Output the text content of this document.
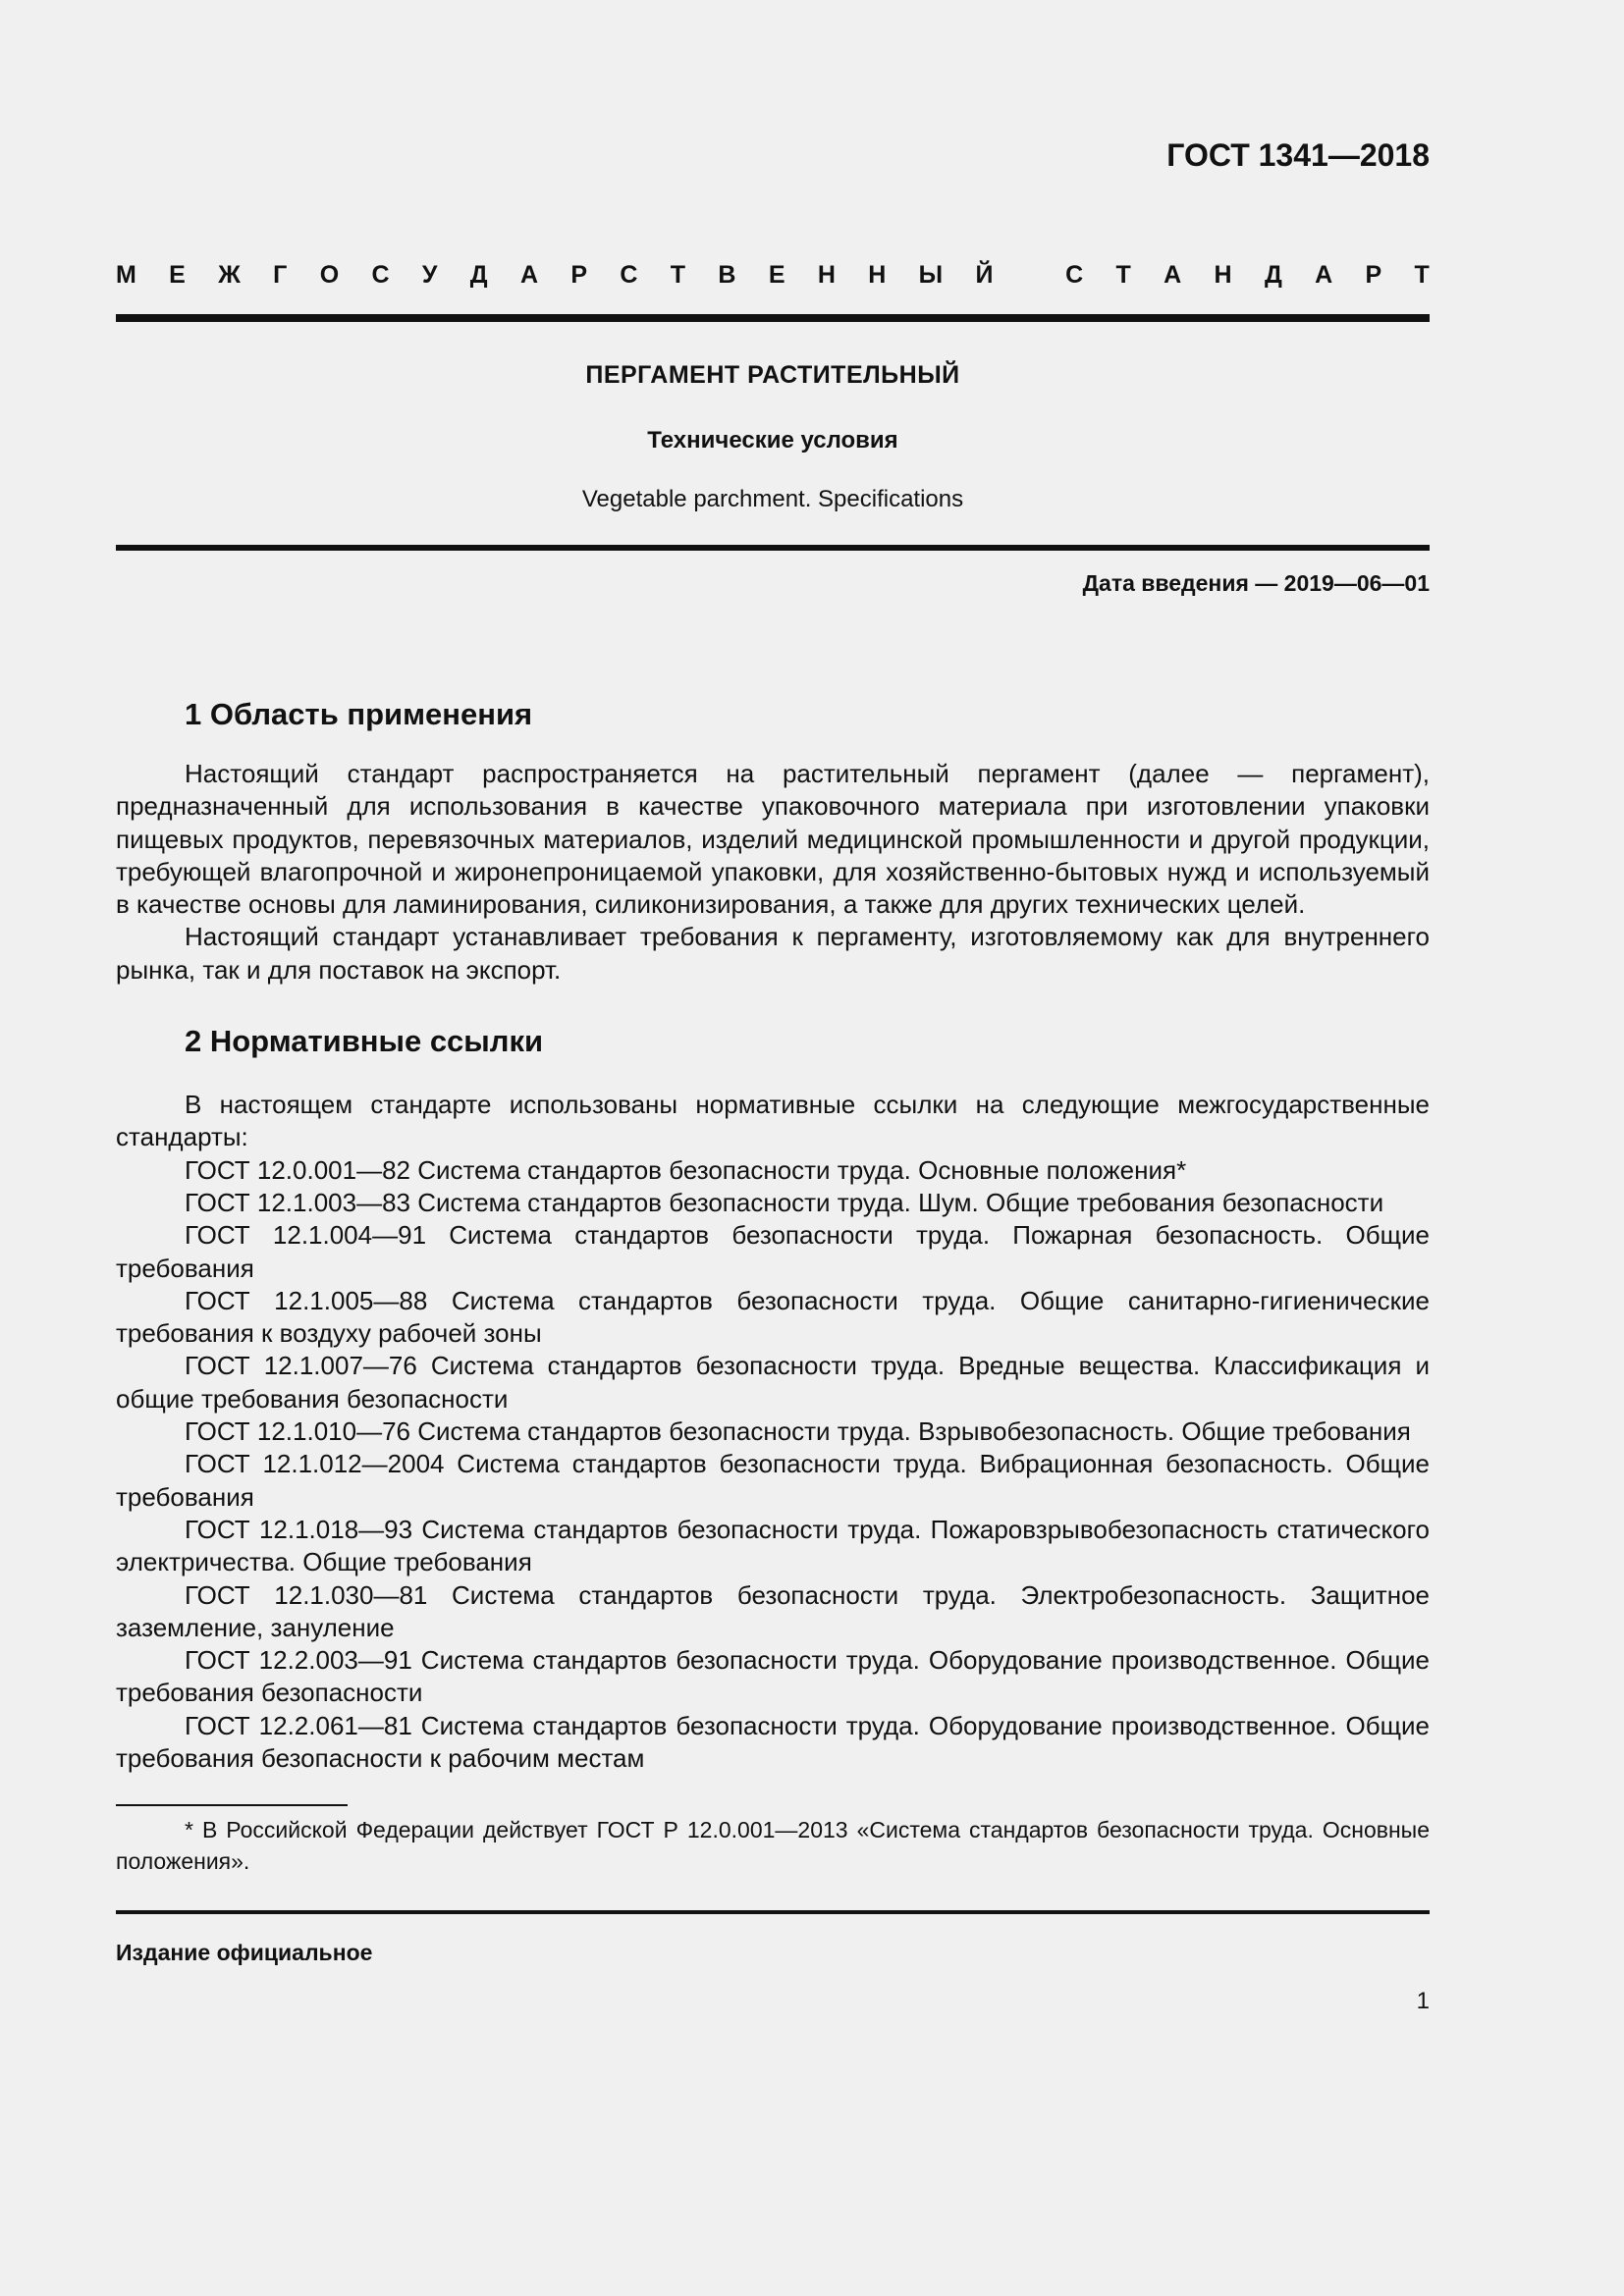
ГОСТ 1341—2018
М Е Ж Г О С У Д А Р С Т В Е Н Н Ы Й
	С Т А Н Д А Р Т
ПЕРГАМЕНТ РАСТИТЕЛЬНЫЙ
Технические условия
Vegetable parchment. Specifications
Дата введения — 2019—06—01
1 Область применения

Настоящий стандарт распространяется на растительный пергамент (далее — пергамент), предназначенный для использования в качестве упаковочного материала при изготовлении упаковки пищевых продуктов, перевязочных материалов, изделий медицинской промышленности и другой продукции, требующей влагопрочной и жиронепроницаемой упаковки, для хозяйственно-бытовых нужд и используемый в качестве основы для ламинирования, силиконизирования, а также для других технических целей.

Настоящий стандарт устанавливает требования к пергаменту, изготовляемому как для внутреннего рынка, так и для поставок на экспорт.

2 Нормативные ссылки

В настоящем стандарте использованы нормативные ссылки на следующие межгосударственные стандарты:

ГОСТ 12.0.001—82 Система стандартов безопасности труда. Основные положения*

ГОСТ 12.1.003—83 Система стандартов безопасности труда. Шум. Общие требования безопасности

ГОСТ 12.1.004—91 Система стандартов безопасности труда. Пожарная безопасность. Общие требования

ГОСТ 12.1.005—88 Система стандартов безопасности труда. Общие санитарно-гигиенические требования к воздуху рабочей зоны

ГОСТ 12.1.007—76 Система стандартов безопасности труда. Вредные вещества. Классификация и общие требования безопасности

ГОСТ 12.1.010—76 Система стандартов безопасности труда. Взрывобезопасность. Общие требования

ГОСТ 12.1.012—2004 Система стандартов безопасности труда. Вибрационная безопасность. Общие требования

ГОСТ 12.1.018—93 Система стандартов безопасности труда. Пожаровзрывобезопасность статического электричества. Общие требования

ГОСТ 12.1.030—81 Система стандартов безопасности труда. Электробезопасность. Защитное заземление, зануление

ГОСТ 12.2.003—91 Система стандартов безопасности труда. Оборудование производственное. Общие требования безопасности

ГОСТ 12.2.061—81 Система стандартов безопасности труда. Оборудование производственное. Общие требования безопасности к рабочим местам

* В Российской Федерации действует ГОСТ Р 12.0.001—2013 «Система стандартов безопасности труда. Основные положения».
Издание официальное
1
